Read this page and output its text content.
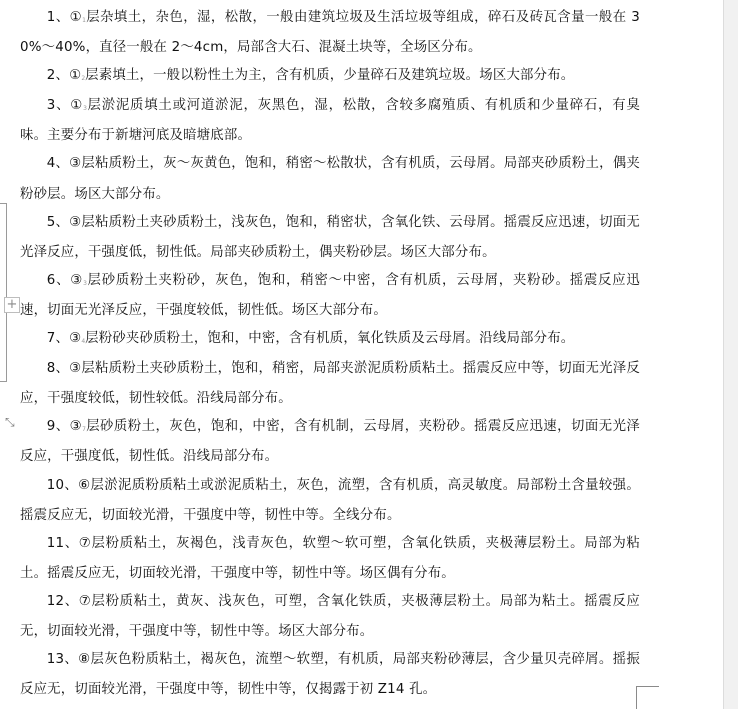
1、①1层杂填土，杂色，湿，松散，一般由建筑垃圾及生活垃圾等组成，碎石及砖瓦含量一般在 30%～40%，直径一般在 2～4cm，局部含大石、混凝土块等，全场区分布。

2、①2层素填土，一般以粉性土为主，含有机质，少量碎石及建筑垃圾。场区大部分布。

3、①3层淤泥质填土或河道淤泥，灰黑色，湿，松散，含较多腐殖质、有机质和少量碎石，有臭味。主要分布于新塘河底及暗塘底部。

4、③层粘质粉土，灰～灰黄色，饱和，稍密～松散状，含有机质，云母屑。局部夹砂质粉土，偶夹粉砂层。场区大部分布。

5、③层粘质粉土夹砂质粉土，浅灰色，饱和，稍密状，含氧化铁、云母屑。摇震反应迅速，切面无光泽反应，干强度低，韧性低。局部夹砂质粉土，偶夹粉砂层。场区大部分布。

6、③3层砂质粉土夹粉砂，灰色，饱和，稍密～中密，含有机质，云母屑，夹粉砂。摇震反应迅速，切面无光泽反应，干强度较低，韧性低。场区大部分布。

7、③4层粉砂夹砂质粉土，饱和，中密，含有机质，氧化铁质及云母屑。沿线局部分布。

8、③层粘质粉土夹砂质粉土，饱和，稍密，局部夹淤泥质粉质粘土。摇震反应中等，切面无光泽反应，干强度较低，韧性较低。沿线局部分布。

9、③7层砂质粉土，灰色，饱和，中密，含有机制，云母屑，夹粉砂。摇震反应迅速，切面无光泽反应，干强度低，韧性低。沿线局部分布。

10、⑥层淤泥质粉质粘土或淤泥质粘土，灰色，流塑，含有机质，高灵敏度。局部粉土含量较强。摇震反应无，切面较光滑，干强度中等，韧性中等。全线分布。

11、⑦层粉质粘土，灰褐色，浅青灰色，软塑～软可塑，含氧化铁质，夹极薄层粉土。局部为粘土。摇震反应无，切面较光滑，干强度中等，韧性中等。场区偶有分布。

12、⑦层粉质粘土，黄灰、浅灰色，可塑，含氧化铁质，夹极薄层粉土。局部为粘土。摇震反应无，切面较光滑，干强度中等，韧性中等。场区大部分布。

13、⑧层灰色粉质粘土，褐灰色，流塑～软塑，有机质，局部夹粉砂薄层，含少量贝壳碎屑。摇振反应无，切面较光滑，干强度中等，韧性中等，仅揭露于初 Z14 孔。

+
⤡
